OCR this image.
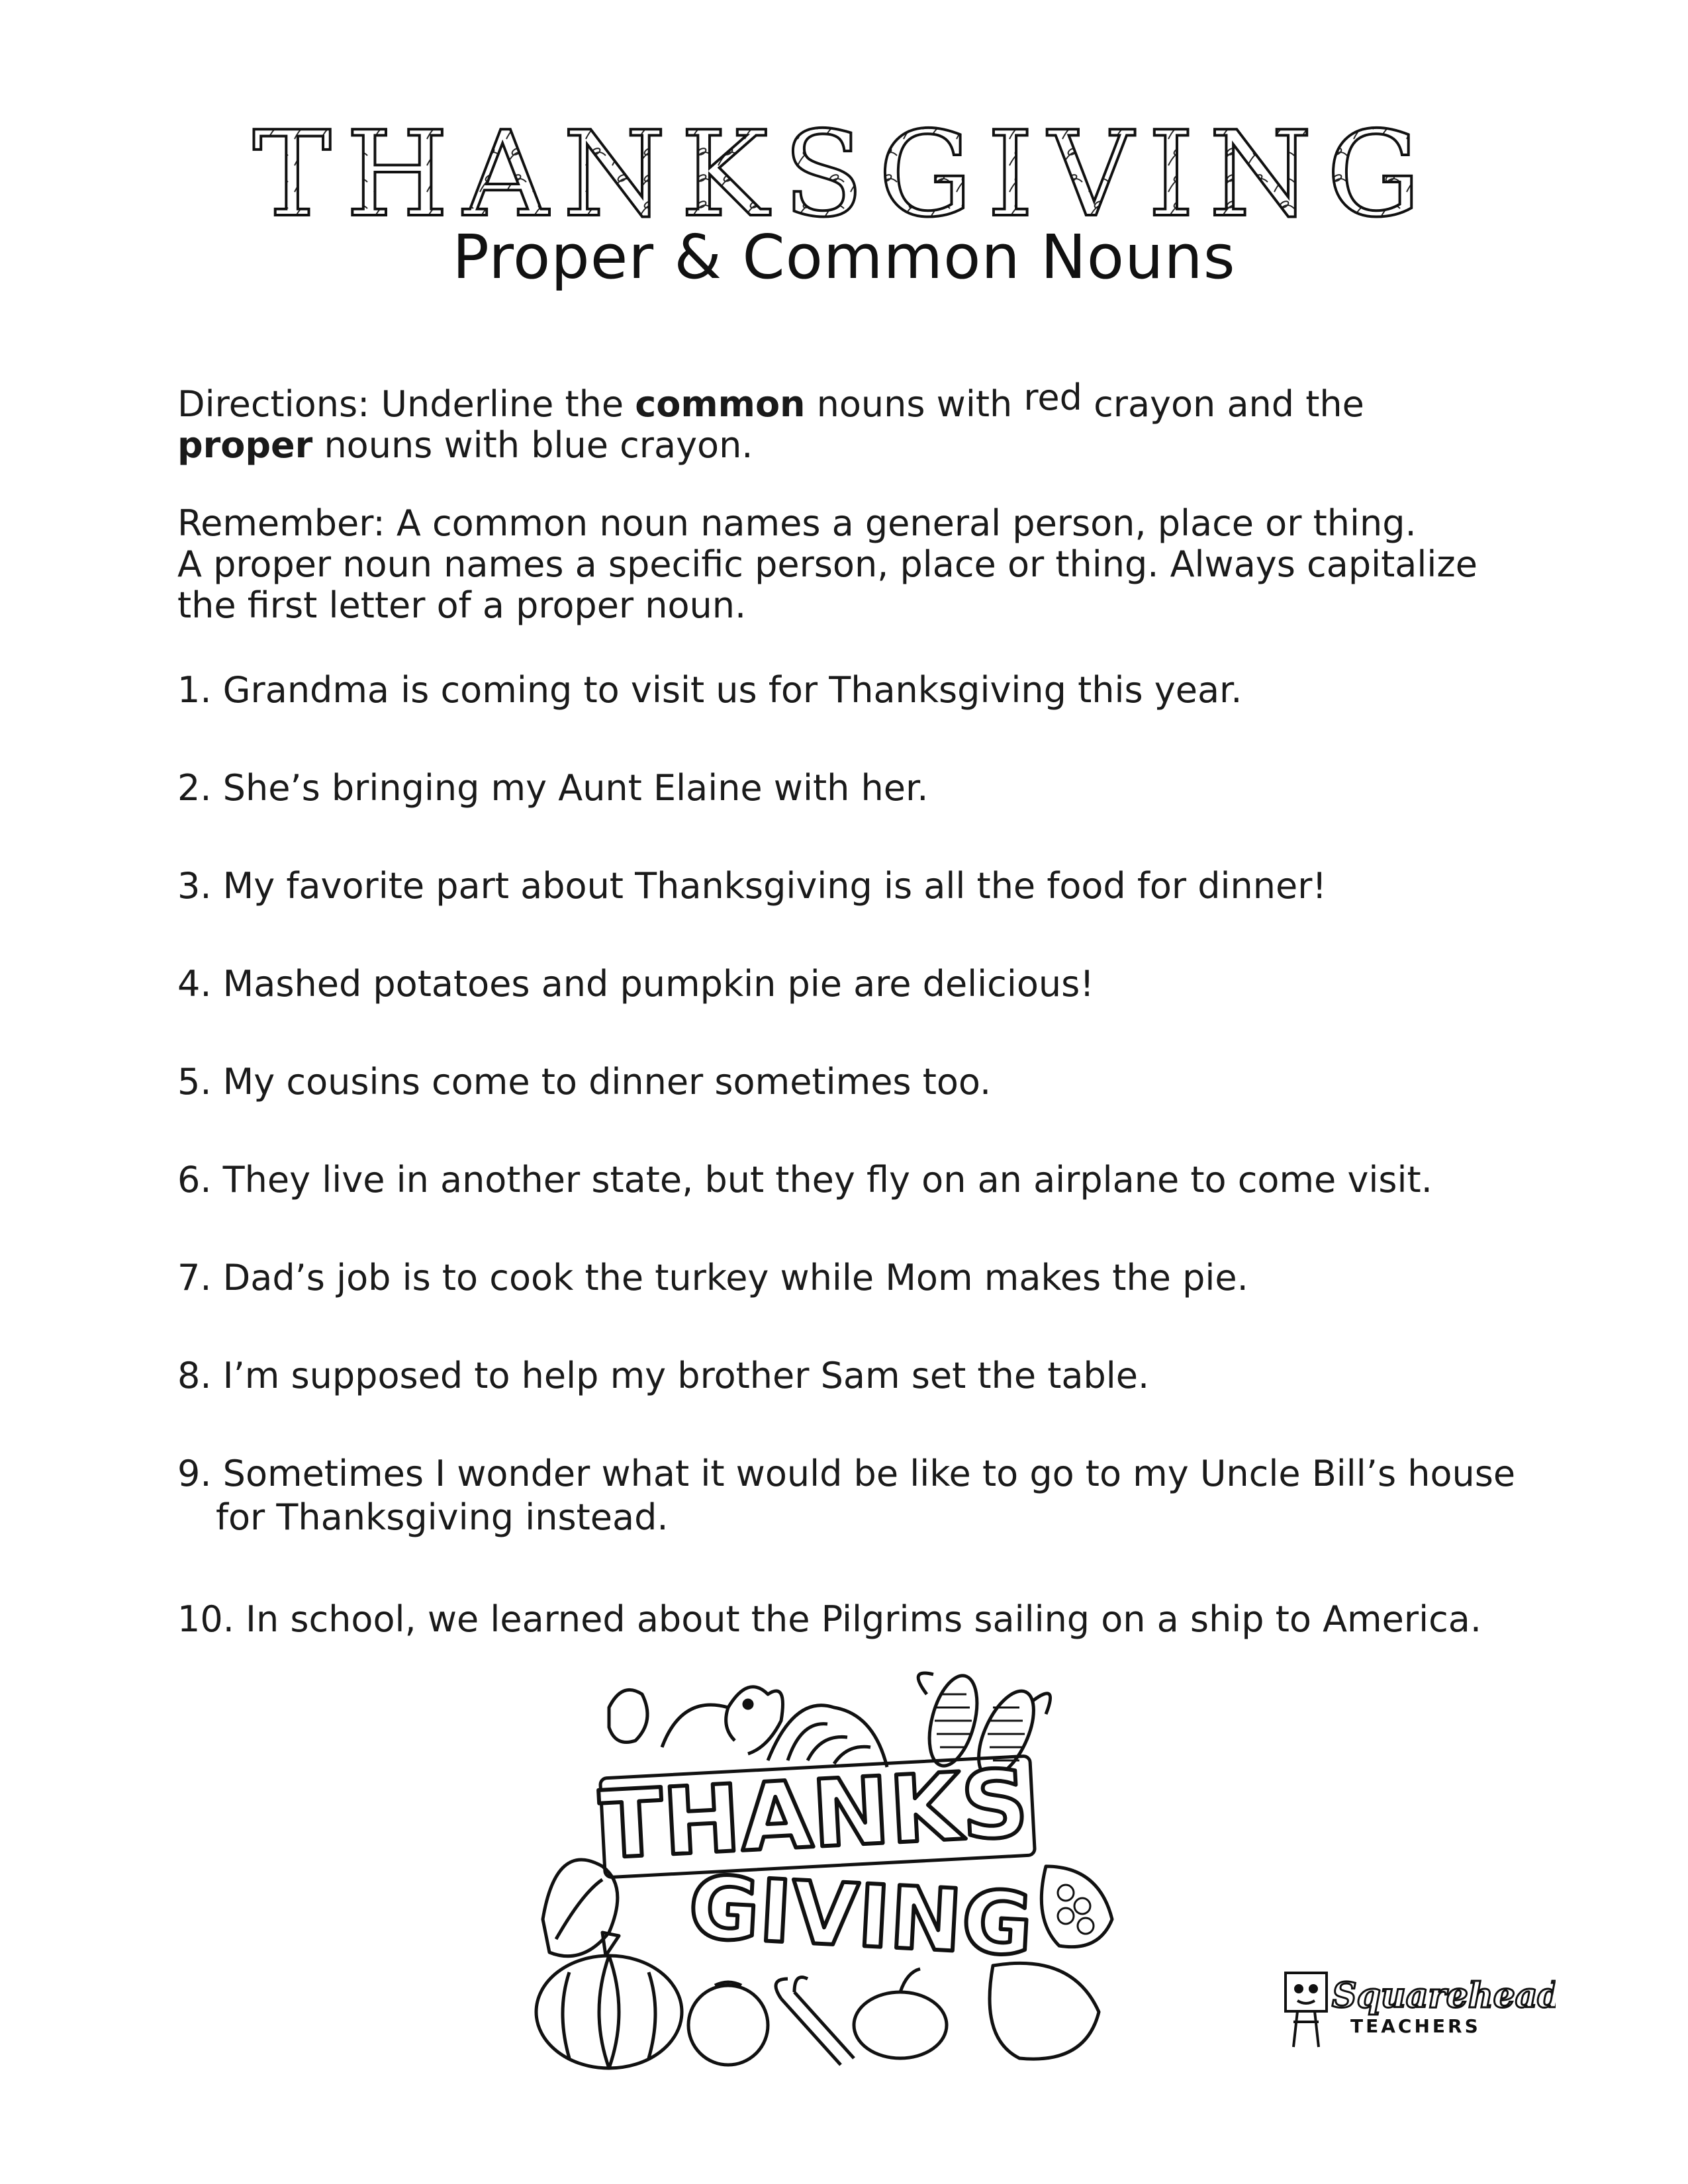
THANKSGIVING
Proper & Common Nouns
Directions: Underline the common nouns with red crayon and the
proper nouns with blue crayon.
Remember: A common noun names a general person, place or thing.
A proper noun names a specific person, place or thing. Always capitalize
the first letter of a proper noun.
1. Grandma is coming to visit us for Thanksgiving this year.
2. She’s bringing my Aunt Elaine with her.
3. My favorite part about Thanksgiving is all the food for dinner!
4. Mashed potatoes and pumpkin pie are delicious!
5. My cousins come to dinner sometimes too.
6. They live in another state, but they fly on an airplane to come visit.
7. Dad’s job is to cook the turkey while Mom makes the pie.
8. I’m supposed to help my brother Sam set the table.
9. Sometimes I wonder what it would be like to go to my Uncle Bill’s house
for Thanksgiving instead.
10. In school, we learned about the Pilgrims sailing on a ship to America.
THANKS
GIVING
Squarehead
TEACHERS
